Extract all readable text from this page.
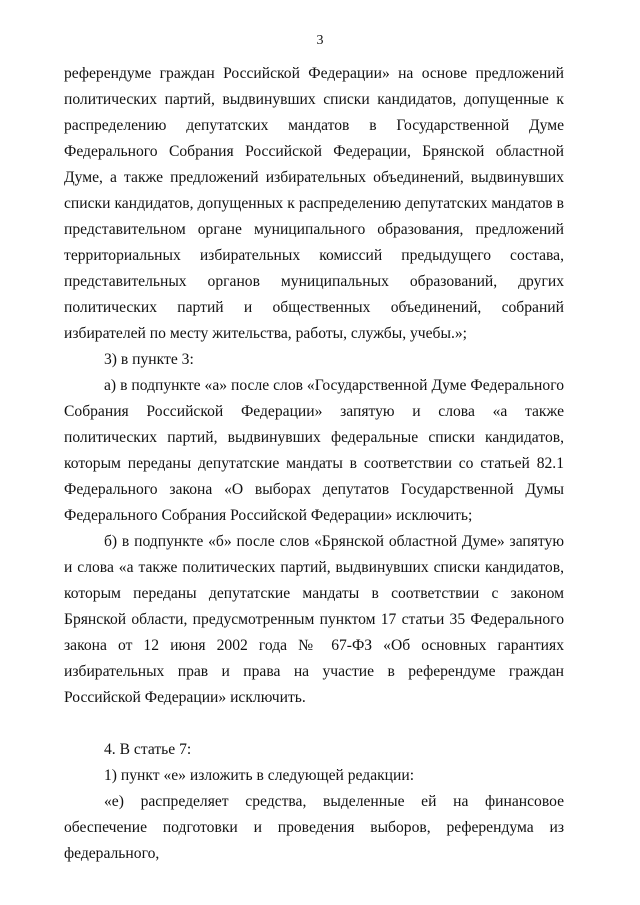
3

референдуме граждан Российской Федерации» на основе предложений политических партий, выдвинувших списки кандидатов, допущенные к распределению депутатских мандатов в Государственной Думе Федерального Собрания Российской Федерации, Брянской областной Думе, а также предложений избирательных объединений, выдвинувших списки кандидатов, допущенных к распределению депутатских мандатов в представительном органе муниципального образования, предложений территориальных избирательных комиссий предыдущего состава, представительных органов муниципальных образований, других политических партий и общественных объединений, собраний избирателей по месту жительства, работы, службы, учебы.»;

3) в пункте 3:

а) в подпункте «а» после слов «Государственной Думе Федерального Собрания Российской Федерации» запятую и слова «а также политических партий, выдвинувших федеральные списки кандидатов, которым переданы депутатские мандаты в соответствии со статьей 82.1 Федерального закона «О выборах депутатов Государственной Думы Федерального Собрания Российской Федерации» исключить;

б) в подпункте «б» после слов «Брянской областной Думе» запятую и слова «а также политических партий, выдвинувших списки кандидатов, которым переданы депутатские мандаты в соответствии с законом Брянской области, предусмотренным пунктом 17 статьи 35 Федерального закона от 12 июня 2002 года № 67-ФЗ «Об основных гарантиях избирательных прав и права на участие в референдуме граждан Российской Федерации» исключить.

4. В статье 7:

1) пункт «е» изложить в следующей редакции:

«е) распределяет средства, выделенные ей на финансовое обеспечение подготовки и проведения выборов, референдума из федерального,
